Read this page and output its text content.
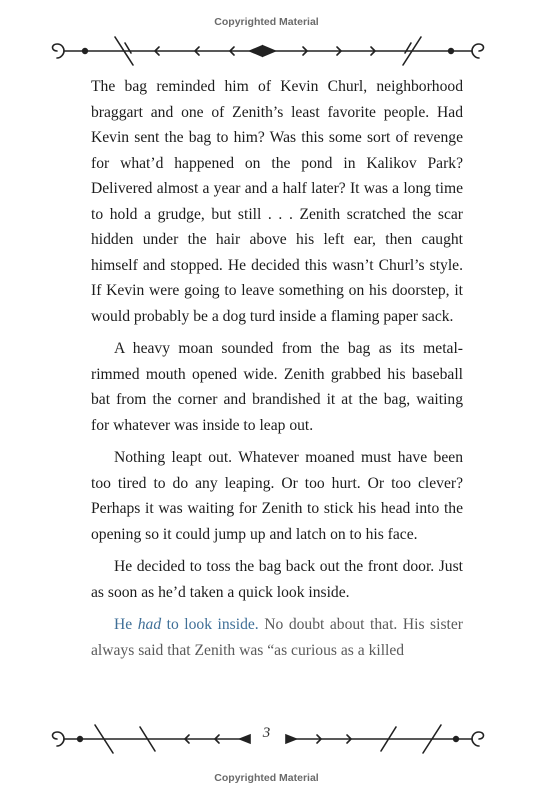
Copyrighted Material

The bag reminded him of Kevin Churl, neighborhood braggart and one of Zenith’s least favorite people. Had Kevin sent the bag to him? Was this some sort of revenge for what’d happened on the pond in Kalikov Park? Delivered almost a year and a half later? It was a long time to hold a grudge, but still . . . Zenith scratched the scar hidden under the hair above his left ear, then caught himself and stopped. He decided this wasn’t Churl’s style. If Kevin were going to leave something on his doorstep, it would probably be a dog turd inside a flaming paper sack.

A heavy moan sounded from the bag as its metal-rimmed mouth opened wide. Zenith grabbed his baseball bat from the corner and brandished it at the bag, waiting for whatever was inside to leap out.

Nothing leapt out. Whatever moaned must have been too tired to do any leaping. Or too hurt. Or too clever? Perhaps it was waiting for Zenith to stick his head into the opening so it could jump up and latch on to his face.

He decided to toss the bag back out the front door. Just as soon as he’d taken a quick look inside.

He had to look inside. No doubt about that. His sister always said that Zenith was “as curious as a killed

3
Copyrighted Material
